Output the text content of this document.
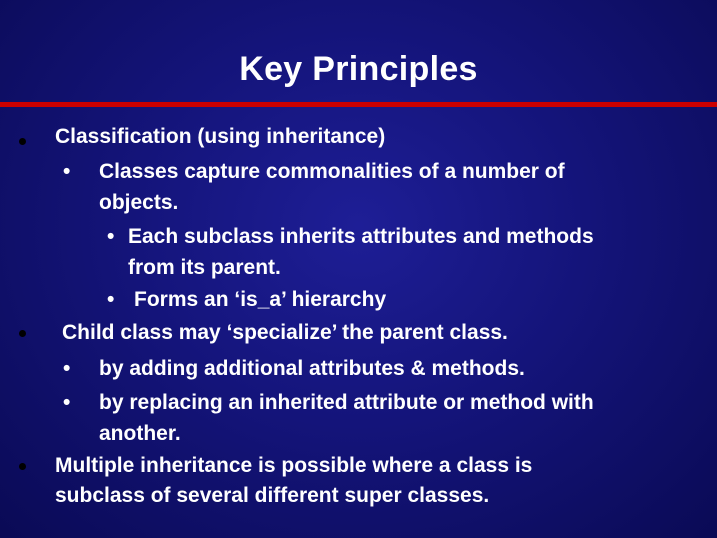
Key Principles
Classification (using inheritance)
• Classes capture commonalities of a number of
objects.
• Each subclass inherits attributes and methods
from its parent.
• Forms an ‘is_a’ hierarchy
Child class may ‘specialize’ the parent class.
• by adding additional attributes & methods.
• by replacing an inherited attribute or method with
another.
Multiple inheritance is possible where a class is
subclass of several different super classes.
